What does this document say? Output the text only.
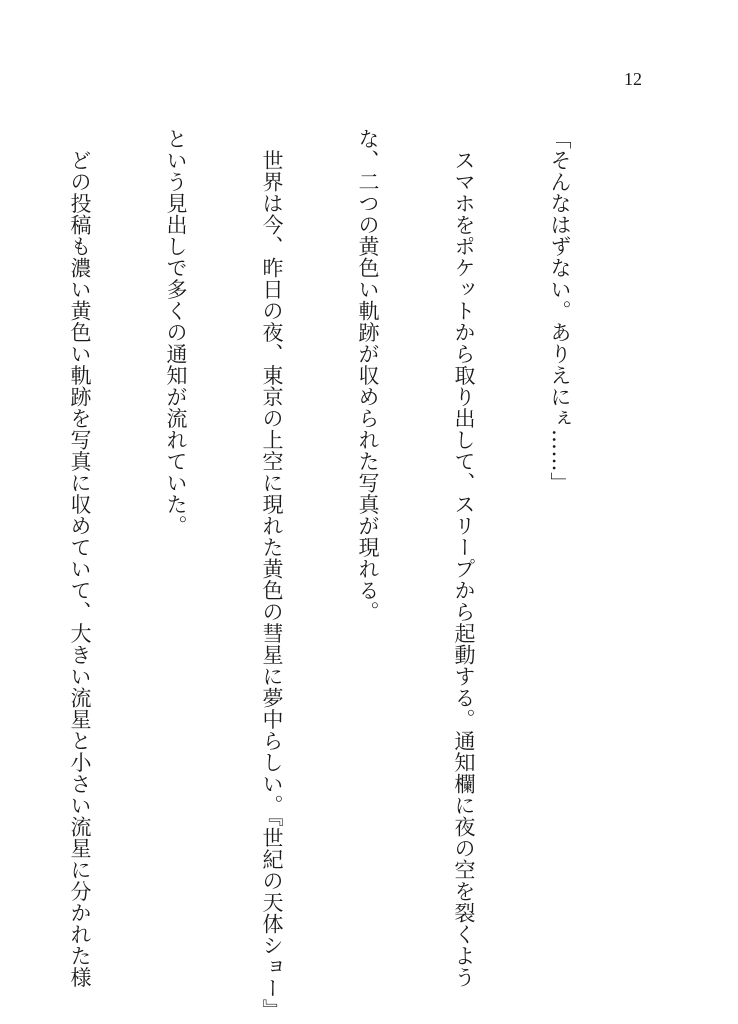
12

「そんなはずない。ありえにぇ……」

　スマホをポケットから取り出して、スリープから起動する。通知欄に夜の空を裂くよう

な、二つの黄色い軌跡が収められた写真が現れる。

　世界は今、昨日の夜、東京の上空に現れた黄色の彗星に夢中らしい。『世紀の天体ショー』

という見出しで多くの通知が流れていた。

　どの投稿も濃い黄色い軌跡を写真に収めていて、大きい流星と小さい流星に分かれた様
